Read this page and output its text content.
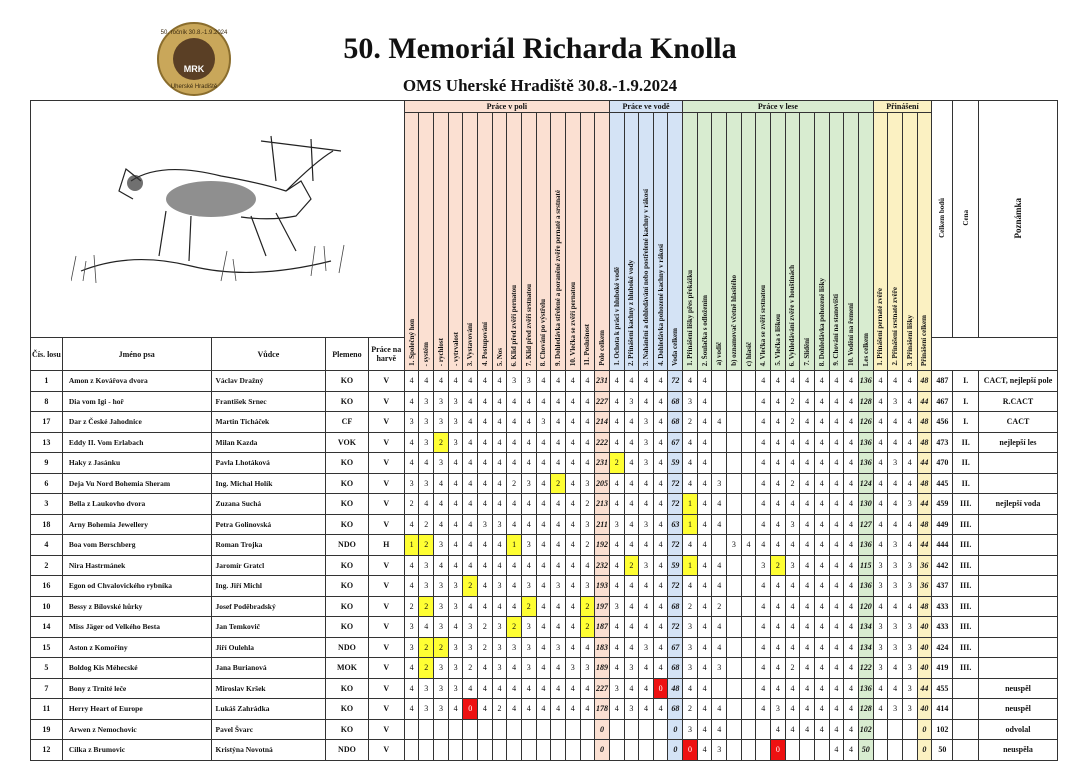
50. ročník 30.8.-1.9.2024
MRK
Uherské Hradiště
50. Memoriál Richarda Knolla
OMS Uherské Hradiště 30.8.-1.9.2024
	Práce v poli														Práce ve vodě					Práce v lese													Přinášení				Celkem bodů	Cena	Poznámka
					1. Společný hon	- systém	- rychlost	- vytrvalost	3. Vystavování	4. Postupování	5. Nos	6. Klid před zvěří pernatou	7. Klid před zvěří srstnatou	8. Chování po výstřelu	9. Dohledávka střelené a poraněné zvěře pernaté a srstnaté	10. Vlečka se zvěří pernatou	11. Poslušnost	Pole celkem	1. Ochota k práci v hluboké vodě	2. Přinášení kachny z hluboké vody	3. Nahánění a dohledávání nebo postřelené kachny v rákosí	4. Dohledávka pohozené kachny v rákosí	Voda celkem	1. Přinášení lišky přes překážku	2. Šoulačka s odložením	a) vodič	b) oznamovač včetně hlasitého	c) hlasič	4. Vlečka se zvěří srstnatou	5. Vlečka s liškou	6. Vyhledávání zvěře v houštinách	7. Slídění	8. Dohledávka pohozené lišky	9. Chování na stanovišti	10. Vodění na řemeni	Les celkem	1. Přinášení pernaté zvěře	2. Přinášení srstnaté zvěře	3. Přinášení lišky	Přinášení celkem			
Čís. losu	Jméno psa	Vůdce	Plemeno	Práce na harvě																																							
1	Amon z Kovářova dvora	Václav Dražný	KO	V	4	4	4	4	4	4	4	3	3	4	4	4	4	231	4	4	4	4	72	4	4				4	4	4	4	4	4	4	136	4	4	4	48	487	I.	CACT, nejlepší pole
8	Dia vom Igi - hoř	František Srnec	KO	V	4	3	3	3	4	4	4	4	4	4	4	4	4	227	4	3	4	4	68	3	4				4	4	2	4	4	4	4	128	4	3	4	44	467	I.	R.CACT
17	Dar z České Jahodnice	Martin Ticháček	CF	V	3	3	3	3	4	4	4	4	4	3	4	4	4	214	4	4	3	4	68	2	4	4			4	4	2	4	4	4	4	126	4	4	4	48	456	I.	CACT
13	Eddy II. Vom Erlabach	Milan Kazda	VOK	V	4	3	2	3	4	4	4	4	4	4	4	4	4	222	4	4	3	4	67	4	4				4	4	4	4	4	4	4	136	4	4	4	48	473	II.	nejlepší les
9	Haky z Jasánku	Pavla Lhotáková	KO	V	4	4	3	4	4	4	4	4	4	4	4	4	4	231	2	4	3	4	59	4	4				4	4	4	4	4	4	4	136	4	3	4	44	470	II.	
6	Deja Vu Nord Bohemia Sheram	Ing. Michal Holík	KO	V	3	3	4	4	4	4	4	2	3	4	2	4	3	205	4	4	4	4	72	4	4	3			4	4	2	4	4	4	4	124	4	4	4	48	445	II.	
3	Bella z Laukovho dvora	Zuzana Suchá	KO	V	2	4	4	4	4	4	4	4	4	4	4	4	2	213	4	4	4	4	72	1	4	4			4	4	4	4	4	4	4	130	4	4	3	44	459	III.	nejlepší voda
18	Arny Bohemia Jewellery	Petra Golinovská	KO	V	4	2	4	4	4	3	3	4	4	4	4	4	3	211	3	4	3	4	63	1	4	4			4	4	3	4	4	4	4	127	4	4	4	48	449	III.	
4	Boa vom Berschberg	Roman Trojka	NDO	H	1	2	3	4	4	4	4	1	3	4	4	4	2	192	4	4	4	4	72	4	4		3	4	4	4	4	4	4	4	4	136	4	3	4	44	444	III.	
2	Nira Hastrmánek	Jaromír Gratcl	KO	V	4	3	4	4	4	4	4	4	4	4	4	4	4	232	4	2	3	4	59	1	4	4			3	2	3	4	4	4	4	115	3	3	3	36	442	III.	
16	Egon od Chvalovického rybníka	Ing. Jiří Michl	KO	V	4	3	3	3	2	4	3	4	3	4	3	4	3	193	4	4	4	4	72	4	4	4			4	4	4	4	4	4	4	136	3	3	3	36	437	III.	
10	Bessy z Bílovské hůrky	Josef Poděbradský	KO	V	2	2	3	3	4	4	4	4	2	4	4	4	2	197	3	4	4	4	68	2	4	2			4	4	4	4	4	4	4	120	4	4	4	48	433	III.	
14	Miss Jäger od Velkého Besta	Jan Temkovič	KO	V	3	4	3	4	3	2	3	2	3	4	4	4	2	187	4	4	4	4	72	3	4	4			4	4	4	4	4	4	4	134	3	3	3	40	433	III.	
15	Aston z Komořiny	Jiří Oulehla	NDO	V	3	2	2	3	3	2	3	3	3	4	3	4	4	183	4	4	3	4	67	3	4	4			4	4	4	4	4	4	4	134	3	3	3	40	424	III.	
5	Boldog Kis Méhecské	Jana Burianová	MOK	V	4	2	3	3	2	4	3	4	3	4	4	3	3	189	4	3	4	4	68	3	4	3			4	4	2	4	4	4	4	122	3	4	3	40	419	III.	
7	Bony z Trnité leče	Miroslav Kršek	KO	V	4	3	3	3	4	4	4	4	4	4	4	4	4	227	3	4	4	0	48	4	4				4	4	4	4	4	4	4	136	4	4	3	44	455		neuspěl
11	Herry Heart of Europe	Lukáš Zahrádka	KO	V	4	3	3	4	0	4	2	4	4	4	4	4	4	178	4	3	4	4	68	2	4	4			4	3	4	4	4	4	4	128	4	3	3	40	414		neuspěl
19	Arwen z Nemochovic	Pavel Švarc	KO	V														0					0	3	4	4				4	4	4	4	4	4	102				0	102		odvolal
12	Cilka z Brumovic	Kristýna Novotná	NDO	V														0					0	0	4	3				0				4	4	50				0	50		neuspěla
